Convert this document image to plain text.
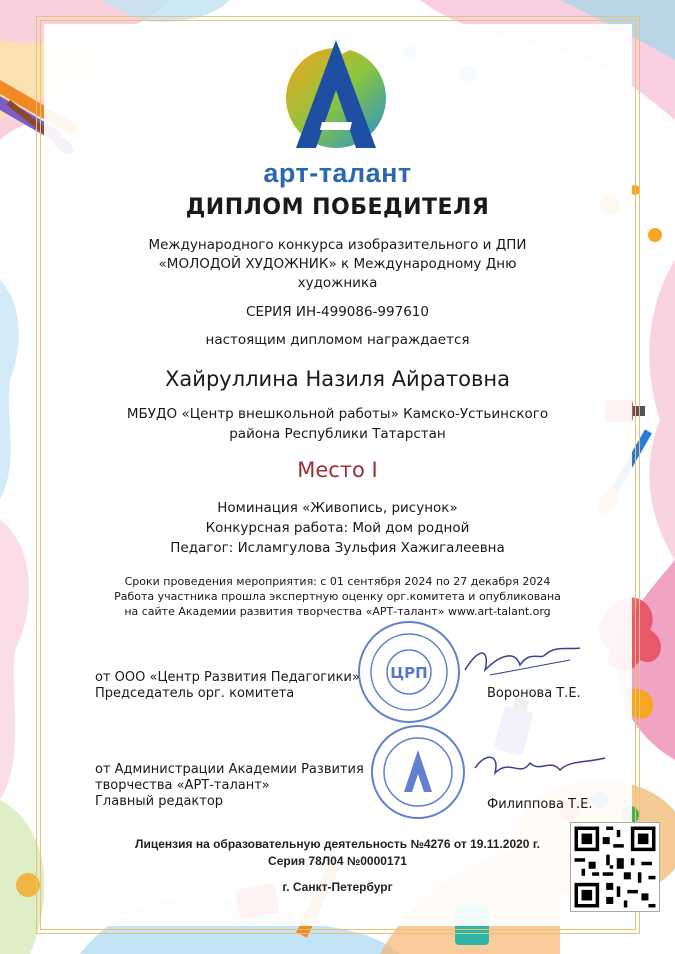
арт-талант
ДИПЛОМ ПОБЕДИТЕЛЯ
Международного конкурса изобразительного и ДПИ
«МОЛОДОЙ ХУДОЖНИК» к Международному Дню
художника
СЕРИЯ ИН-499086-997610
настоящим дипломом награждается
Хайруллина Назиля Айратовна
МБУДО «Центр внешкольной работы» Камско-Устьинского
района Республики Татарстан
Место I
Номинация «Живопись, рисунок»
Конкурсная работа: Мой дом родной
Педагог: Исламгулова Зульфия Хажигалеевна
Сроки проведения мероприятия: с 01 сентября 2024 по 27 декабря 2024
Работа участника прошла экспертную оценку орг.комитета и опубликована
на сайте Академии развития творчества «АРТ-талант» www.art-talant.org
от ООО «Центр Развития Педагогики»
Председатель орг. комитета	Воронова Т.Е.
ЦРП
от Администрации Академии Развития
творчества «АРТ-талант»
Главный редактор	Филиппова Т.Е.
Лицензия на образовательную деятельность №4276 от 19.11.2020 г.
Серия 78Л04 №0000171
г. Санкт-Петербург
